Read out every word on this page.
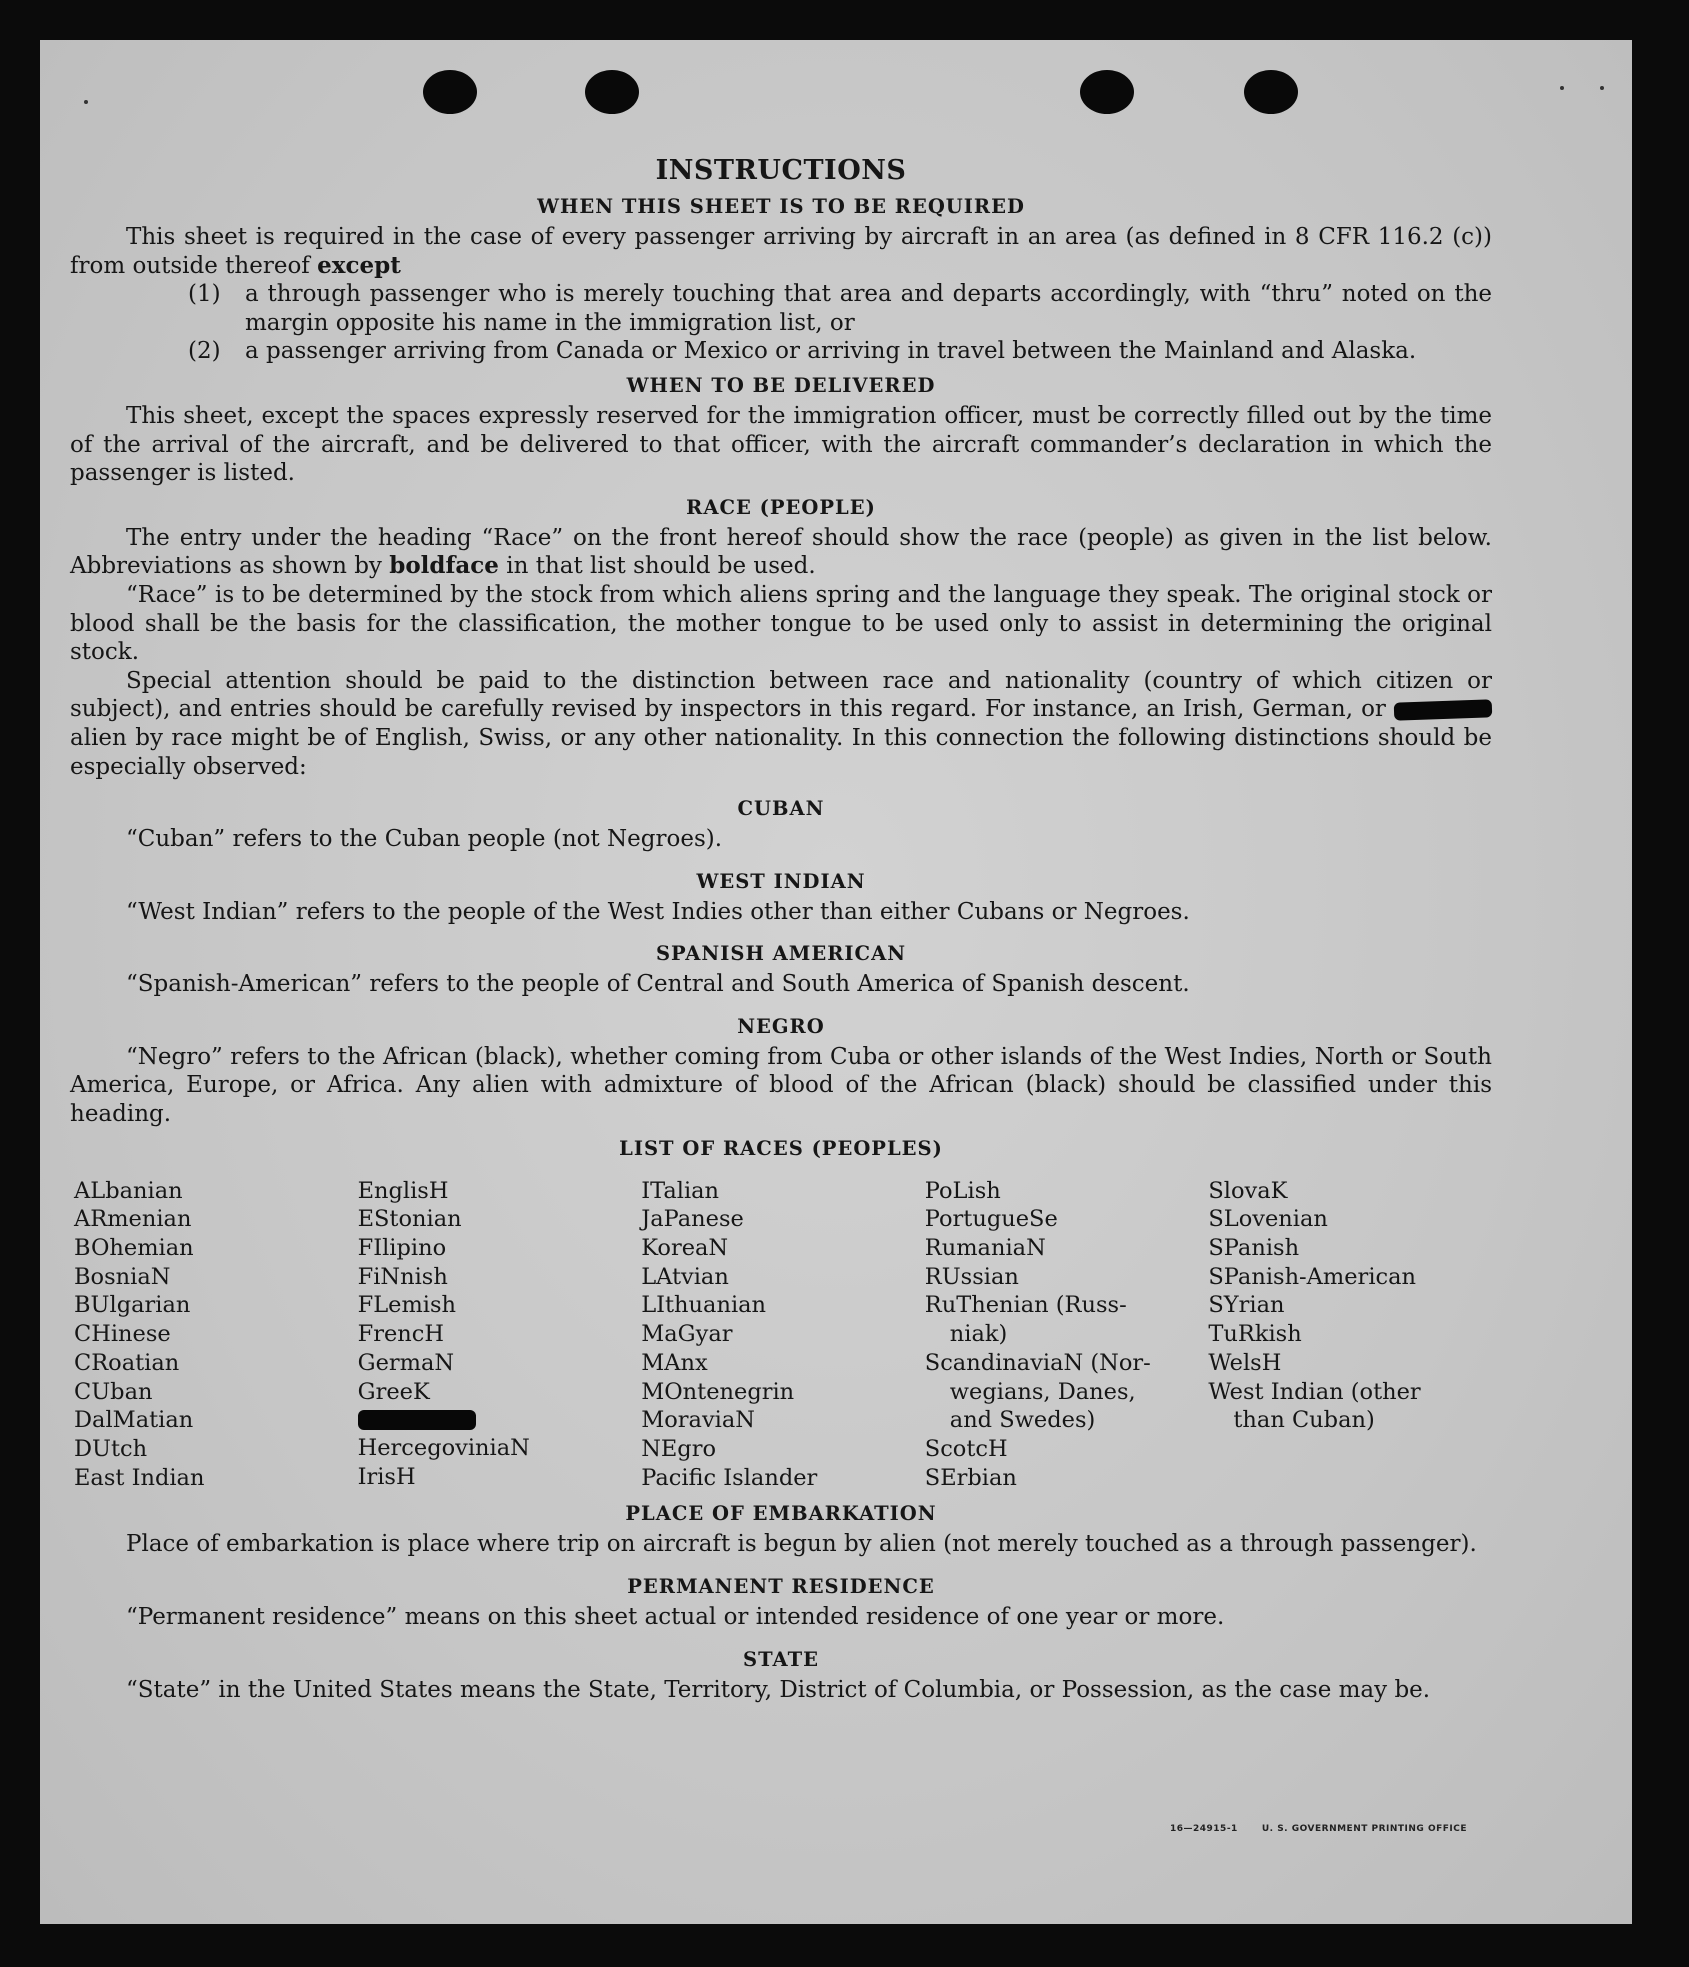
INSTRUCTIONS
WHEN THIS SHEET IS TO BE REQUIRED

This sheet is required in the case of every passenger arriving by aircraft in an area (as defined in 8 CFR 116.2 (c)) from outside thereof except

(1)	a through passenger who is merely touching that area and departs accordingly, with “thru” noted on the margin opposite his name in the immigration list, or
(2)	a passenger arriving from Canada or Mexico or arriving in travel between the Mainland and Alaska.
WHEN TO BE DELIVERED

This sheet, except the spaces expressly reserved for the immigration officer, must be correctly filled out by the time of the arrival of the aircraft, and be delivered to that officer, with the aircraft commander’s declaration in which the passenger is listed.

RACE (PEOPLE)

The entry under the heading “Race” on the front hereof should show the race (people) as given in the list below. Abbreviations as shown by boldface in that list should be used.

“Race” is to be determined by the stock from which aliens spring and the language they speak. The original stock or blood shall be the basis for the classification, the mother tongue to be used only to assist in determining the original stock.

Special attention should be paid to the distinction between race and nationality (country of which citizen or subject), and entries should be carefully revised by inspectors in this regard. For instance, an Irish, German, or  alien by race might be of English, Swiss, or any other nationality. In this connection the following distinctions should be especially observed:

CUBAN

“Cuban” refers to the Cuban people (not Negroes).

WEST INDIAN

“West Indian” refers to the people of the West Indies other than either Cubans or Negroes.

SPANISH AMERICAN

“Spanish-American” refers to the people of Central and South America of Spanish descent.

NEGRO

“Negro” refers to the African (black), whether coming from Cuba or other islands of the West Indies, North or South America, Europe, or Africa. Any alien with admixture of blood of the African (black) should be classified under this heading.

LIST OF RACES (PEOPLES)
ALbanian
ARmenian
BOhemian
BosniaN
BUlgarian
CHinese
CRoatian
CUban
DalMatian
DUtch
East Indian
EnglisH
EStonian
FIlipino
FiNnish
FLemish
FrencH
GermaN
GreeK
HercegoviniaN
IrisH
ITalian
JaPanese
KoreaN
LAtvian
LIthuanian
MaGyar
MAnx
MOntenegrin
MoraviaN
NEgro
Pacific Islander
PoLish
PortugueSe
RumaniaN
RUssian
RuThenian (Russ-
niak)
ScandinaviaN (Nor-
wegians, Danes,
and Swedes)
ScotcH
SErbian
SlovaK
SLovenian
SPanish
SPanish-American
SYrian
TuRkish
WelsH
West Indian (other
than Cuban)
PLACE OF EMBARKATION

Place of embarkation is place where trip on aircraft is begun by alien (not merely touched as a through passenger).

PERMANENT RESIDENCE

“Permanent residence” means on this sheet actual or intended residence of one year or more.

STATE

“State” in the United States means the State, Territory, District of Columbia, or Possession, as the case may be.

16—24915-1	U. S. GOVERNMENT PRINTING OFFICE
